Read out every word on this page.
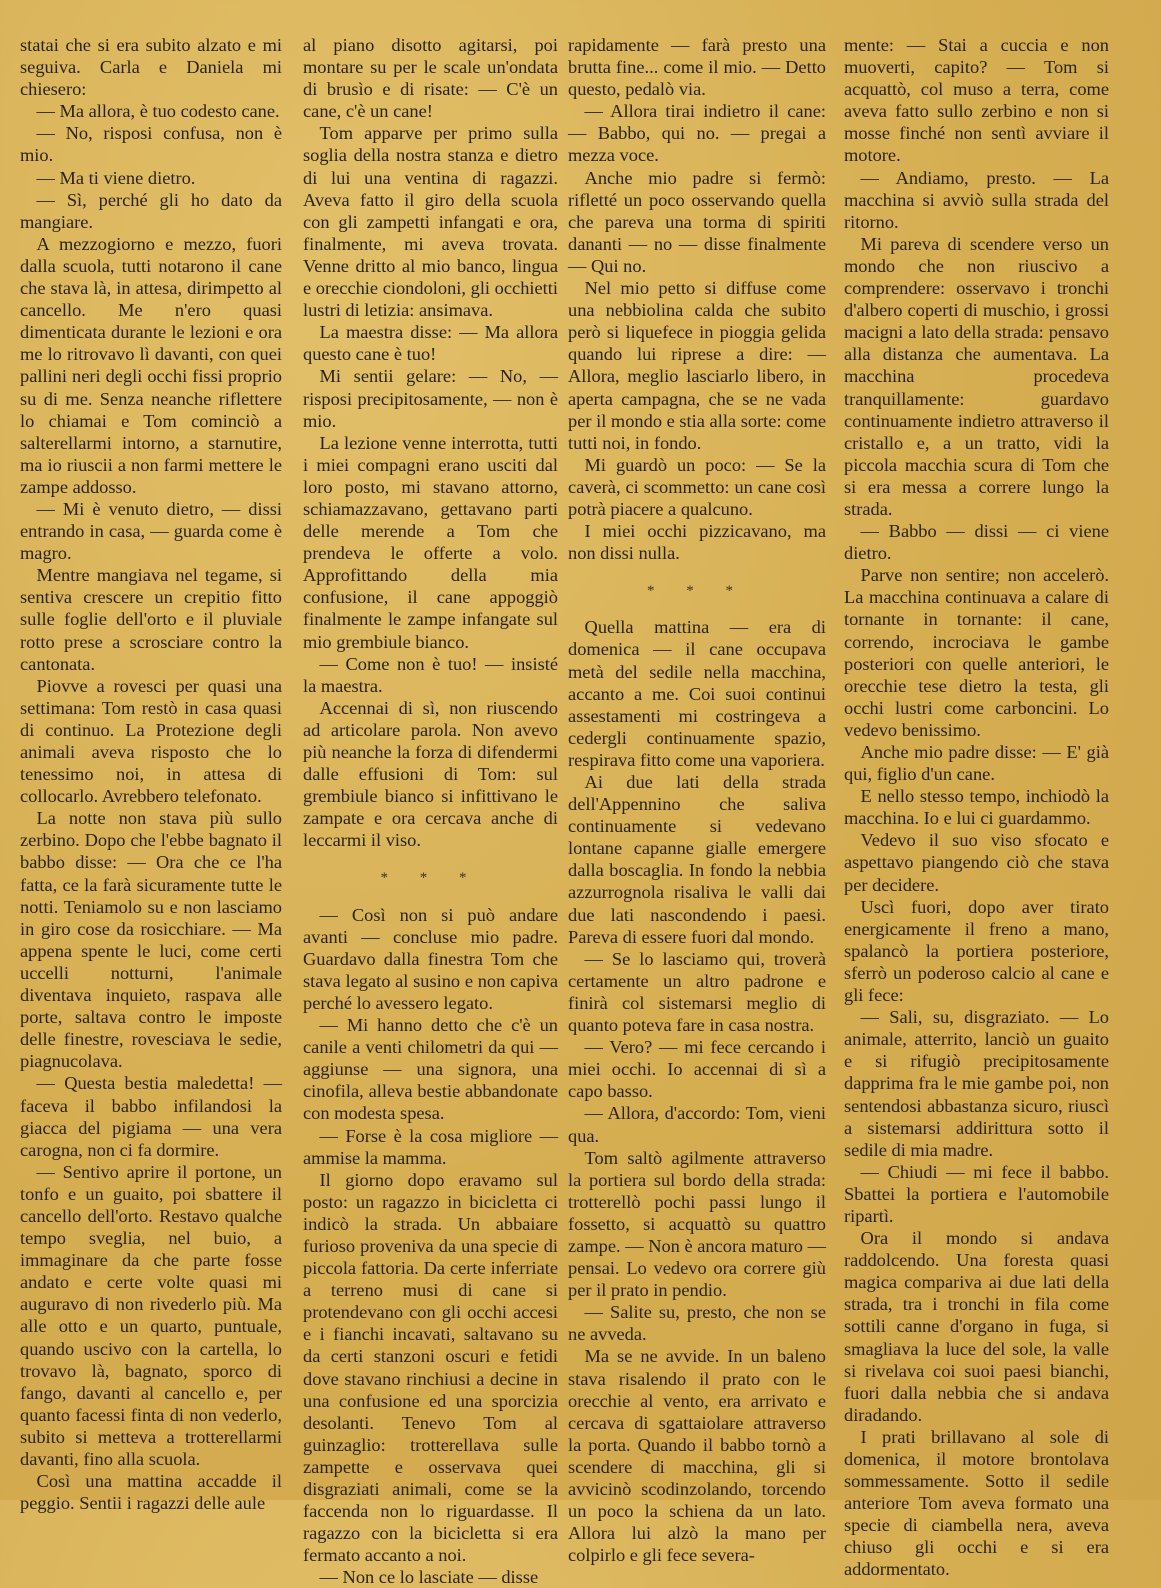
statai che si era subito alzato e mi seguiva. Carla e Daniela mi chiesero:

— Ma allora, è tuo codesto cane.

— No, risposi confusa, non è mio.

— Ma ti viene dietro.

— Sì, perché gli ho dato da mangiare.

A mezzogiorno e mezzo, fuori dalla scuola, tutti notarono il cane che stava là, in attesa, dirimpetto al cancello. Me n'ero quasi dimenticata durante le lezioni e ora me lo ritrovavo lì davanti, con quei pallini neri degli occhi fissi proprio su di me. Senza neanche riflettere lo chiamai e Tom cominciò a salterellarmi intorno, a starnutire, ma io riuscii a non farmi mettere le zampe addosso.

— Mi è venuto dietro, — dissi entrando in casa, — guarda come è magro.

Mentre mangiava nel tegame, si sentiva crescere un crepitio fitto sulle foglie dell'orto e il pluviale rotto prese a scrosciare contro la cantonata.

Piovve a rovesci per quasi una settimana: Tom restò in casa quasi di continuo. La Protezione degli animali aveva risposto che lo tenessimo noi, in attesa di collocarlo. Avrebbero telefonato.

La notte non stava più sullo zerbino. Dopo che l'ebbe bagnato il babbo disse: — Ora che ce l'ha fatta, ce la farà sicuramente tutte le notti. Teniamolo su e non lasciamo in giro cose da rosicchiare. — Ma appena spente le luci, come certi uccelli notturni, l'animale diventava inquieto, raspava alle porte, saltava contro le imposte delle finestre, rovesciava le sedie, piagnucolava.

— Questa bestia maledetta! — faceva il babbo infilandosi la giacca del pigiama — una vera carogna, non ci fa dormire.

— Sentivo aprire il portone, un tonfo e un guaito, poi sbattere il cancello dell'orto. Restavo qualche tempo sveglia, nel buio, a immaginare da che parte fosse andato e certe volte quasi mi auguravo di non rivederlo più. Ma alle otto e un quarto, puntuale, quando uscivo con la cartella, lo trovavo là, bagnato, sporco di fango, davanti al cancello e, per quanto facessi finta di non vederlo, subito si metteva a trotterellarmi davanti, fino alla scuola.

Così una mattina accadde il peggio. Sentii i ragazzi delle aule

al piano disotto agitarsi, poi montare su per le scale un'ondata di brusìo e di risate: — C'è un cane, c'è un cane!

Tom apparve per primo sulla soglia della nostra stanza e dietro di lui una ventina di ragazzi. Aveva fatto il giro della scuola con gli zampetti infangati e ora, finalmente, mi aveva trovata. Venne dritto al mio banco, lingua e orecchie ciondoloni, gli occhietti lustri di letizia: ansimava.

La maestra disse: — Ma allora questo cane è tuo!

Mi sentii gelare: — No, — risposi precipitosamente, — non è mio.

La lezione venne interrotta, tutti i miei compagni erano usciti dal loro posto, mi stavano attorno, schiamazzavano, gettavano parti delle merende a Tom che prendeva le offerte a volo. Approfittando della mia confusione, il cane appoggiò finalmente le zampe infangate sul mio grembiule bianco.

— Come non è tuo! — insisté la maestra.

Accennai di sì, non riuscendo ad articolare parola. Non avevo più neanche la forza di difendermi dalle effusioni di Tom: sul grembiule bianco si infittivano le zampate e ora cercava anche di leccarmi il viso.

* * *

— Così non si può andare avanti — concluse mio padre. Guardavo dalla finestra Tom che stava legato al susino e non capiva perché lo avessero legato.

— Mi hanno detto che c'è un canile a venti chilometri da qui — aggiunse — una signora, una cinofila, alleva bestie abbandonate con modesta spesa.

— Forse è la cosa migliore — ammise la mamma.

Il giorno dopo eravamo sul posto: un ragazzo in bicicletta ci indicò la strada. Un abbaiare furioso proveniva da una specie di piccola fattoria. Da certe inferriate a terreno musi di cane si protendevano con gli occhi accesi e i fianchi incavati, saltavano su da certi stanzoni oscuri e fetidi dove stavano rinchiusi a decine in una confusione ed una sporcizia desolanti. Tenevo Tom al guinzaglio: trotterellava sulle zampette e osservava quei disgraziati animali, come se la faccenda non lo riguardasse. Il ragazzo con la bicicletta si era fermato accanto a noi.

— Non ce lo lasciate — disse

rapidamente — farà presto una brutta fine... come il mio. — Detto questo, pedalò via.

— Allora tirai indietro il cane: — Babbo, qui no. — pregai a mezza voce.

Anche mio padre si fermò: rifletté un poco osservando quella che pareva una torma di spiriti dananti — no — disse finalmente — Qui no.

Nel mio petto si diffuse come una nebbiolina calda che subito però si liquefece in pioggia gelida quando lui riprese a dire: — Allora, meglio lasciarlo libero, in aperta campagna, che se ne vada per il mondo e stia alla sorte: come tutti noi, in fondo.

Mi guardò un poco: — Se la caverà, ci scommetto: un cane così potrà piacere a qualcuno.

I miei occhi pizzicavano, ma non dissi nulla.

* * *

Quella mattina — era di domenica — il cane occupava metà del sedile nella macchina, accanto a me. Coi suoi continui assestamenti mi costringeva a cedergli continuamente spazio, respirava fitto come una vaporiera.

Ai due lati della strada dell'Appennino che saliva continuamente si vedevano lontane capanne gialle emergere dalla boscaglia. In fondo la nebbia azzurrognola risaliva le valli dai due lati nascondendo i paesi. Pareva di essere fuori dal mondo.

— Se lo lasciamo qui, troverà certamente un altro padrone e finirà col sistemarsi meglio di quanto poteva fare in casa nostra.

— Vero? — mi fece cercando i miei occhi. Io accennai di sì a capo basso.

— Allora, d'accordo: Tom, vieni qua.

Tom saltò agilmente attraverso la portiera sul bordo della strada: trotterellò pochi passi lungo il fossetto, si acquattò su quattro zampe. — Non è ancora maturo — pensai. Lo vedevo ora correre giù per il prato in pendio.

— Salite su, presto, che non se ne avveda.

Ma se ne avvide. In un baleno stava risalendo il prato con le orecchie al vento, era arrivato e cercava di sgattaiolare attraverso la porta. Quando il babbo tornò a scendere di macchina, gli si avvicinò scodinzolando, torcendo un poco la schiena da un lato. Allora lui alzò la mano per colpirlo e gli fece severa-

mente: — Stai a cuccia e non muoverti, capito? — Tom si acquattò, col muso a terra, come aveva fatto sullo zerbino e non si mosse finché non sentì avviare il motore.

— Andiamo, presto. — La macchina si avviò sulla strada del ritorno.

Mi pareva di scendere verso un mondo che non riuscivo a comprendere: osservavo i tronchi d'albero coperti di muschio, i grossi macigni a lato della strada: pensavo alla distanza che aumentava. La macchina procedeva tranquillamente: guardavo continuamente indietro attraverso il cristallo e, a un tratto, vidi la piccola macchia scura di Tom che si era messa a correre lungo la strada.

— Babbo — dissi — ci viene dietro.

Parve non sentire; non accelerò. La macchina continuava a calare di tornante in tornante: il cane, correndo, incrociava le gambe posteriori con quelle anteriori, le orecchie tese dietro la testa, gli occhi lustri come carboncini. Lo vedevo benissimo.

Anche mio padre disse: — E' già qui, figlio d'un cane.

E nello stesso tempo, inchiodò la macchina. Io e lui ci guardammo.

Vedevo il suo viso sfocato e aspettavo piangendo ciò che stava per decidere.

Uscì fuori, dopo aver tirato energicamente il freno a mano, spalancò la portiera posteriore, sferrò un poderoso calcio al cane e gli fece:

— Sali, su, disgraziato. — Lo animale, atterrito, lanciò un guaito e si rifugiò precipitosamente dapprima fra le mie gambe poi, non sentendosi abbastanza sicuro, riuscì a sistemarsi addirittura sotto il sedile di mia madre.

— Chiudi — mi fece il babbo. Sbattei la portiera e l'automobile ripartì.

Ora il mondo si andava raddolcendo. Una foresta quasi magica compariva ai due lati della strada, tra i tronchi in fila come sottili canne d'organo in fuga, si smagliava la luce del sole, la valle si rivelava coi suoi paesi bianchi, fuori dalla nebbia che si andava diradando.

I prati brillavano al sole di domenica, il motore brontolava sommessamente. Sotto il sedile anteriore Tom aveva formato una specie di ciambella nera, aveva chiuso gli occhi e si era addormentato.
